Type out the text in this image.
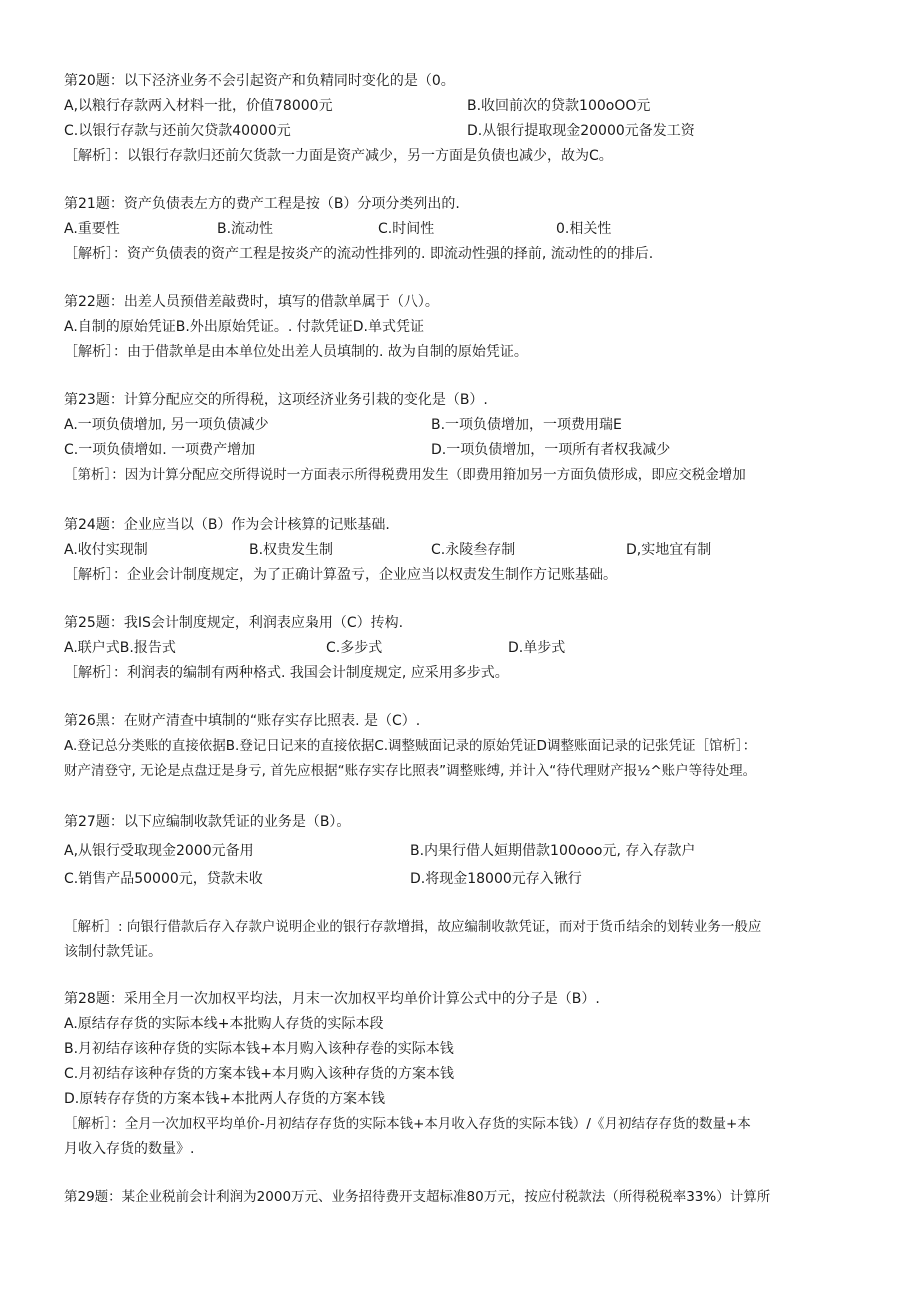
第20题：以下泾济业务不会引起资产和负精同时变化的是（0。
A,以粮行存款两入材料一批，价值78000元	B.收回前次的贷款100oOO元
C.以银行存款与还前欠贷款40000元	D.从银行提取现金20000元备发工资
［解析］：以银行存款归还前欠货款一力面是资产减少，另一方面是负债也减少，故为C。
第21题：资产负债表左方的费产工程是按（B）分项分类列出的.
A.重要性	B.流动性	C.时间性	0.相关性
［解析］：资产负债表的资产工程是按炎产的流动性排列的. 即流动性强的择前, 流动性的的排后.
第22题：出差人员预借差敲费时，填写的借款单属于（八）。
A.自制的原始凭证B.外出原始凭证。. 付款凭证D.单式凭证
［解析］：由于借款单是由本单位处出差人员填制的. 故为自制的原始凭证。
第23题：计算分配应交的所得税，这项经济业务引栽的变化是（B）.
A.一项负债增加, 另一项负债减少	B.一项负债增加，一项费用瑞E
C.一项负债增如. 一项费产增加	D.一项负债增加，一项所有者权我减少
［第析］：因为计算分配应交所得说时一方面表示所得税费用发生（即费用箝加另一方面负债形成，即应交税金增加
第24题：企业应当以（B）作为会计核算的记账基础.
A.收付实现制	B.权贵发生制	C.永陵叁存制	D,实地宜有制
［解析］：企业会计制度规定，为了正确计算盈亏，企业应当以权责发生制作方记账基础。
第25题：我IS会计制度规定，利润表应枭用（C）抟构.
A.联户式B.报告式	C.多步式	D.单步式
［解析］：利润表的编制有两种格式. 我国会计制度规定, 应采用多步式。
第26黑：在财产清查中填制的“账存实存比照表. 是（C）.
A.登记总分类账的直接依据B.登记日记来的直接依据C.调整贼面记录的原始凭证D调整账面记录的记张凭证［馆析］：
财产清登守, 无论是点盘迂是身亏, 首先应根据“账存实存比照表”调整账缚, 并计入“待代理财产报½^账户等待处理。
第27题：以下应编制收款凭证的业务是（B）。
A,从银行受取现金2000元备用	B.内果行借人姮期借款100ooo元, 存入存款户
C.销售产品50000元，贷款未收	D.将现金18000元存入锹行
［解析］: 向银行借款后存入存款户说明企业的银行存款增揖，故应编制收款凭证，而对于货币结余的划转业务一般应
该制付款凭证。
第28题：采用全月一次加权平均法，月末一次加权平均单价计算公式中的分子是（B）.
A.原结存存货的实际本线+本批购人存货的实际本段
B.月初结存该种存货的实际本钱+本月购入该种存卷的实际本钱
C.月初结存该种存货的方案本钱+本月购入该种存货的方案本钱
D.原转存存货的方案本钱+本批两人存货的方案本钱
［解析］：全月一次加权平均单价-月初结存存货的实际本钱+本月收入存货的实际本钱）/《月初结存存货的数量+本
月收入存货的数量》.
第29题：某企业税前会计利润为2000万元、业务招待费开支超标准80万元，按应付税款法（所得税税率33%）计算所
